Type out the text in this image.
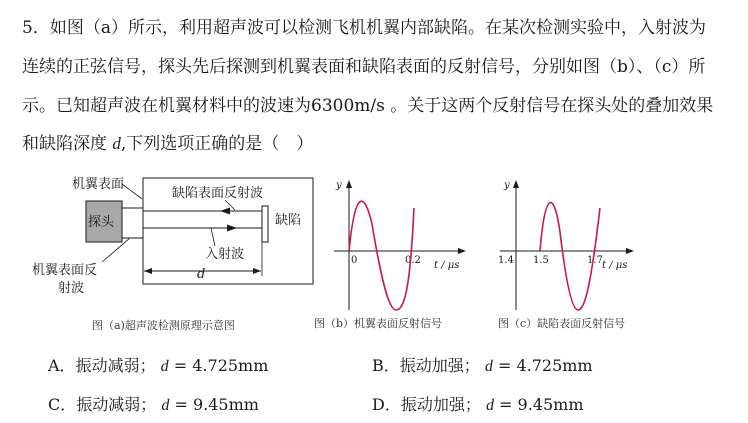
5．如图（a）所示，利用超声波可以检测飞机机翼内部缺陷。在某次检测实验中，入射波为
连续的正弦信号，探头先后探测到机翼表面和缺陷表面的反射信号，分别如图（b）、（c）所
示。已知超声波在机翼材料中的波速为6300m/s 。关于这两个反射信号在探头处的叠加效果
和缺陷深度 d,下列选项正确的是（　）
探头	缺陷
机翼表面
缺陷表面反射波
入射波
机翼表面反
射波
d
图（a)超声波检测原理示意图
y
t / μs
0	0.2
图（b）机翼表面反射信号
y
t / μs
1.4 1.5	1.7
图（c）缺陷表面反射信号
A．振动减弱； d = 4.725mm	B．振动加强； d = 4.725mm
C．振动减弱； d = 9.45mm	D．振动加强； d = 9.45mm
